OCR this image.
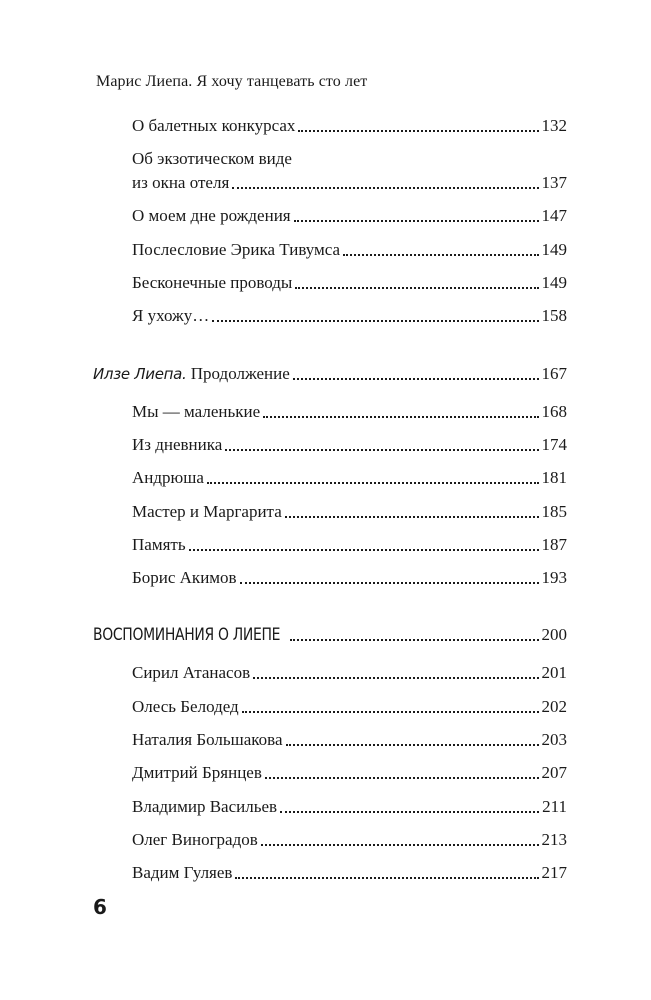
Марис Лиепа. Я хочу танцевать сто лет
О балетных конкурсах	132
Об экзотическом виде
из окна отеля	137
О моем дне рождения	147
Послесловие Эрика Тивумса	149
Бесконечные проводы	149
Я ухожу…	158
Илзе Лиепа. Продолжение	167
Мы — маленькие	168
Из дневника	174
Андрюша	181
Мастер и Маргарита	185
Память	187
Борис Акимов	193
ВОСПОМИНАНИЯ О ЛИЕПЕ	200
Сирил Атанасов	201
Олесь Белодед	202
Наталия Большакова	203
Дмитрий Брянцев	207
Владимир Васильев	211
Олег Виноградов	213
Вадим Гуляев	217
6
